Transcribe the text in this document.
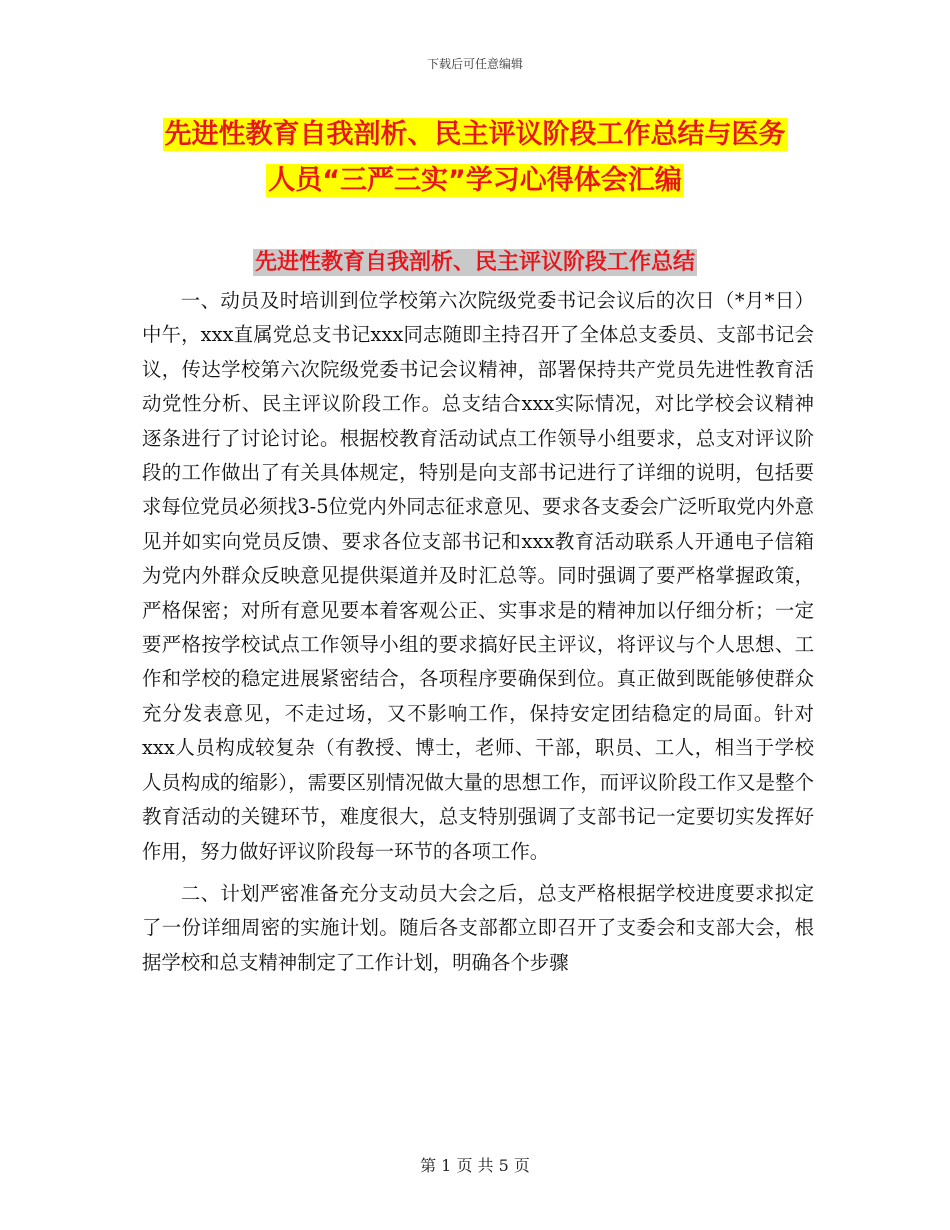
下载后可任意编辑
先进性教育自我剖析、民主评议阶段工作总结与医务
人员“三严三实”学习心得体会汇编
先进性教育自我剖析、民主评议阶段工作总结

一、动员及时培训到位学校第六次院级党委书记会议后的次日（*月*日）中午，xxx直属党总支书记xxx同志随即主持召开了全体总支委员、支部书记会议，传达学校第六次院级党委书记会议精神，部署保持共产党员先进性教育活动党性分析、民主评议阶段工作。总支结合xxx实际情况，对比学校会议精神逐条进行了讨论讨论。根据校教育活动试点工作领导小组要求，总支对评议阶段的工作做出了有关具体规定，特别是向支部书记进行了详细的说明，包括要求每位党员必须找3-5位党内外同志征求意见、要求各支委会广泛听取党内外意见并如实向党员反馈、要求各位支部书记和xxx教育活动联系人开通电子信箱为党内外群众反映意见提供渠道并及时汇总等。同时强调了要严格掌握政策，严格保密；对所有意见要本着客观公正、实事求是的精神加以仔细分析；一定要严格按学校试点工作领导小组的要求搞好民主评议，将评议与个人思想、工作和学校的稳定进展紧密结合，各项程序要确保到位。真正做到既能够使群众充分发表意见，不走过场，又不影响工作，保持安定团结稳定的局面。针对xxx人员构成较复杂（有教授、博士，老师、干部，职员、工人，相当于学校人员构成的缩影），需要区别情况做大量的思想工作，而评议阶段工作又是整个教育活动的关键环节，难度很大，总支特别强调了支部书记一定要切实发挥好作用，努力做好评议阶段每一环节的各项工作。

二、计划严密准备充分支动员大会之后，总支严格根据学校进度要求拟定了一份详细周密的实施计划。随后各支部都立即召开了支委会和支部大会，根据学校和总支精神制定了工作计划，明确各个步骤

第 1 页 共 5 页
